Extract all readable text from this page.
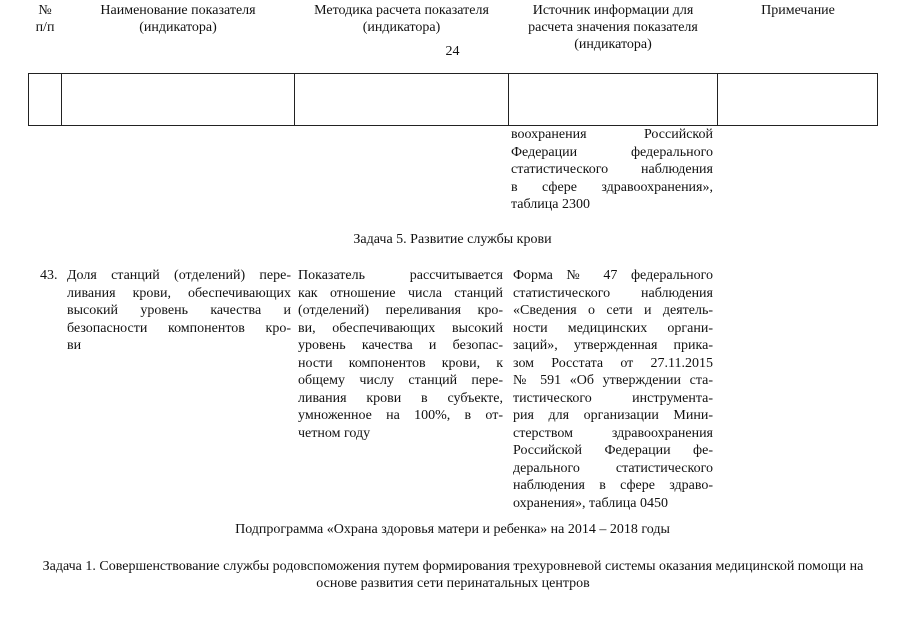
24
№
п/п
Наименование показателя
(индикатора)
Методика расчета показателя
(индикатора)
Источник информации для
расчета значения показателя
(индикатора)
Примечание
воохранения Российской
Федерации федерального
статистического наблюдения
в сфере здравоохранения»,
таблица 2300
Задача 5. Развитие службы крови
43. Доля станций (отделений) пере-
ливания крови, обеспечивающих
высокий уровень качества и
безопасности компонентов кро-
ви
Показатель рассчитывается
как отношение числа станций
(отделений) переливания кро-
ви, обеспечивающих высокий
уровень качества и безопас-
ности компонентов крови, к
общему числу станций пере-
ливания крови в субъекте,
умноженное на 100%, в от-
четном году
Форма № 47 федерального
статистического наблюдения
«Сведения о сети и деятель-
ности медицинских органи-
заций», утвержденная прика-
зом Росстата от 27.11.2015
№ 591 «Об утверждении ста-
тистического инструмента-
рия для организации Мини-
стерством здравоохранения
Российской Федерации фе-
дерального статистического
наблюдения в сфере здраво-
охранения», таблица 0450
Подпрограмма «Охрана здоровья матери и ребенка» на 2014 – 2018 годы
Задача 1. Совершенствование службы родовспоможения путем формирования трехуровневой системы оказания медицинской помощи на основе развития сети перинатальных центров
